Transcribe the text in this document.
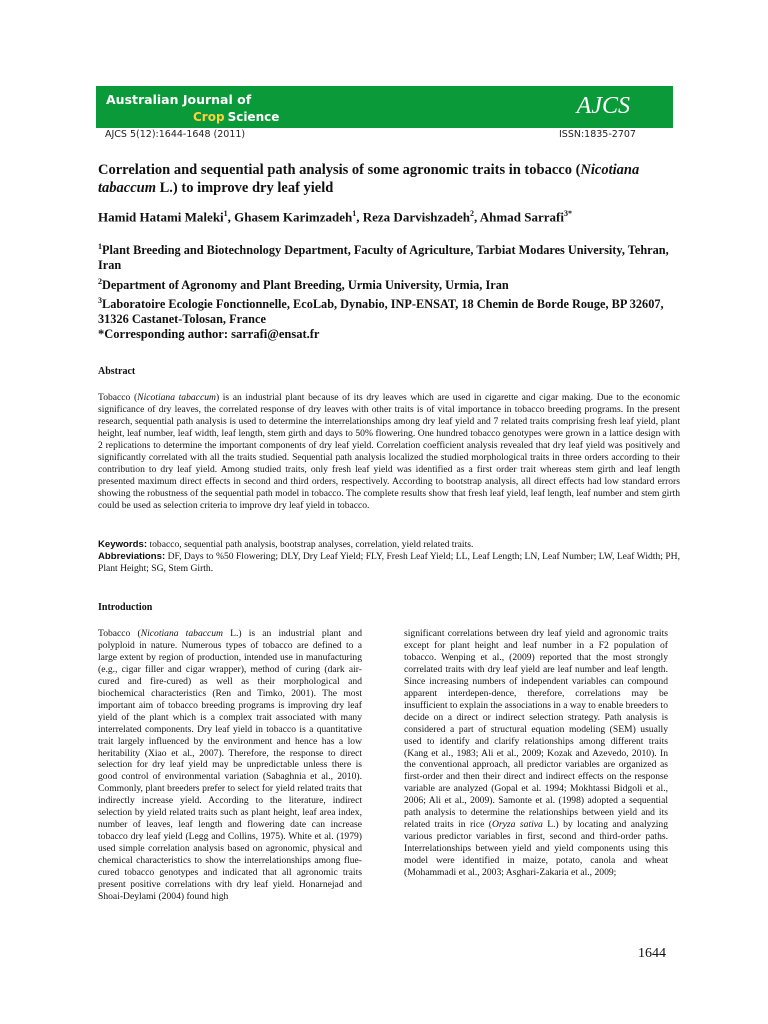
Australian Journal of
Crop Science	AJCS
AJCS 5(12):1644-1648 (2011)	ISSN:1835-2707
Correlation and sequential path analysis of some agronomic traits in tobacco (Nicotiana tabaccum L.) to improve dry leaf yield

Hamid Hatami Maleki$^1$, Ghasem Karimzadeh$^1$, Reza Darvishzadeh$^2$, Ahmad Sarrafi$^{3*}$

$^1$Plant Breeding and Biotechnology Department, Faculty of Agriculture, Tarbiat Modares University, Tehran, Iran

$^2$Department of Agronomy and Plant Breeding, Urmia University, Urmia, Iran

$^3$Laboratoire Ecologie Fonctionnelle, EcoLab, Dynabio, INP-ENSAT, 18 Chemin de Borde Rouge, BP 32607, 31326 Castanet-Tolosan, France

*Corresponding author: sarrafi@ensat.fr

Abstract

Tobacco (Nicotiana tabaccum) is an industrial plant because of its dry leaves which are used in cigarette and cigar making. Due to the economic significance of dry leaves, the correlated response of dry leaves with other traits is of vital importance in tobacco breeding programs. In the present research, sequential path analysis is used to determine the interrelationships among dry leaf yield and 7 related traits comprising fresh leaf yield, plant height, leaf number, leaf width, leaf length, stem girth and days to 50% flowering. One hundred tobacco genotypes were grown in a lattice design with 2 replications to determine the important components of dry leaf yield. Correlation coefficient analysis revealed that dry leaf yield was positively and significantly correlated with all the traits studied. Sequential path analysis localized the studied morphological traits in three orders according to their contribution to dry leaf yield. Among studied traits, only fresh leaf yield was identified as a first order trait whereas stem girth and leaf length presented maximum direct effects in second and third orders, respectively. According to bootstrap analysis, all direct effects had low standard errors showing the robustness of the sequential path model in tobacco. The complete results show that fresh leaf yield, leaf length, leaf number and stem girth could be used as selection criteria to improve dry leaf yield in tobacco.

Keywords: tobacco, sequential path analysis, bootstrap analyses, correlation, yield related traits.

Abbreviations: DF, Days to %50 Flowering; DLY, Dry Leaf Yield; FLY, Fresh Leaf Yield; LL, Leaf Length; LN, Leaf Number; LW, Leaf Width; PH, Plant Height; SG, Stem Girth.

Introduction

Tobacco (Nicotiana tabaccum L.) is an industrial plant and polyploid in nature. Numerous types of tobacco are defined to a large extent by region of production, intended use in manufacturing (e.g., cigar filler and cigar wrapper), method of curing (dark air-cured and fire-cured) as well as their morphological and biochemical characteristics (Ren and Timko, 2001). The most important aim of tobacco breeding programs is improving dry leaf yield of the plant which is a complex trait associated with many interrelated components. Dry leaf yield in tobacco is a quantitative trait largely influenced by the environment and hence has a low heritability (Xiao et al., 2007). Therefore, the response to direct selection for dry leaf yield may be unpredictable unless there is good control of environmental variation (Sabaghnia et al., 2010). Commonly, plant breeders prefer to select for yield related traits that indirectly increase yield. According to the literature, indirect selection by yield related traits such as plant height, leaf area index, number of leaves, leaf length and flowering date can increase tobacco dry leaf yield (Legg and Collins, 1975). White et al. (1979) used simple correlation analysis based on agronomic, physical and chemical characteristics to show the interrelationships among flue-cured tobacco genotypes and indicated that all agronomic traits present positive correlations with dry leaf yield. Honarnejad and Shoai-Deylami (2004) found high

significant correlations between dry leaf yield and agronomic traits except for plant height and leaf number in a F2 population of tobacco. Wenping et al., (2009) reported that the most strongly correlated traits with dry leaf yield are leaf number and leaf length. Since increasing numbers of independent variables can compound apparent interdepen-dence, therefore, correlations may be insufficient to explain the associations in a way to enable breeders to decide on a direct or indirect selection strategy. Path analysis is considered a part of structural equation modeling (SEM) usually used to identify and clarify relationships among different traits (Kang et al., 1983; Ali et al., 2009; Kozak and Azevedo, 2010). In the conventional approach, all predictor variables are organized as first-order and then their direct and indirect effects on the response variable are analyzed (Gopal et al. 1994; Mokhtassi Bidgoli et al., 2006; Ali et al., 2009). Samonte et al. (1998) adopted a sequential path analysis to determine the relationships between yield and its related traits in rice (Oryza sativa L.) by locating and analyzing various predictor variables in first, second and third-order paths. Interrelationships between yield and yield components using this model were identified in maize, potato, canola and wheat (Mohammadi et al., 2003; Asghari-Zakaria et al., 2009;

1644
